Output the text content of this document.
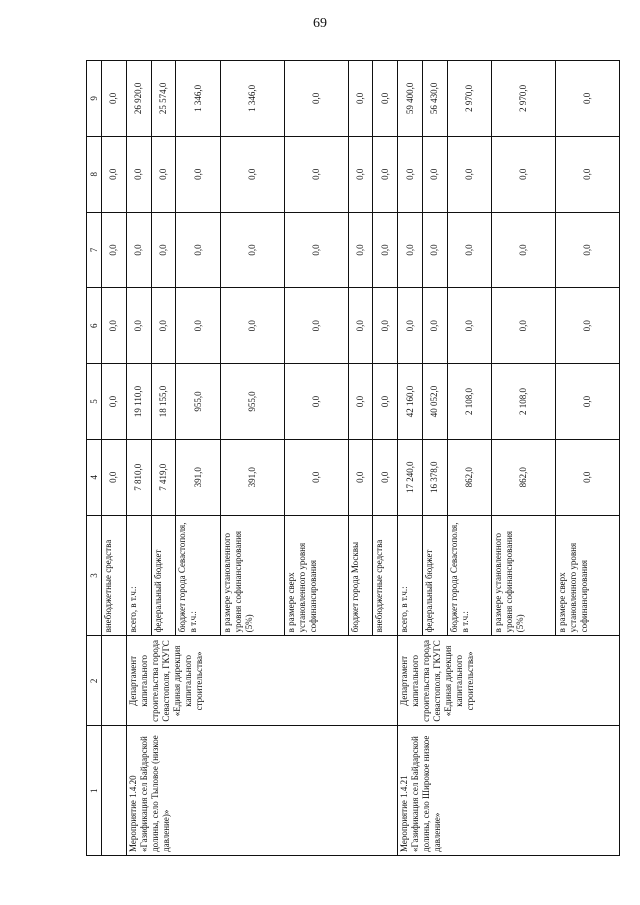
69
1	2	3	4	5	6	7	8	9
		внебюджетные средства	0,0	0,0	0,0	0,0	0,0	0,0
Мероприятие 1.4.20 «Газификация сел Байдарской долины, село Тыловое (низкое давление)»	Департамент капитального строительства города Севастополя, ГКУГС «Единая дирекция капитального строительства»	всего, в т.ч.:	7 810,0	19 110,0	0,0	0,0	0,0	26 920,0
		федеральный бюджет	7 419,0	18 155,0	0,0	0,0	0,0	25 574,0
		бюджет города Севастополя, в т.ч.:	391,0	955,0	0,0	0,0	0,0	1 346,0
		в размере установленного уровня софинансирования (5%)	391,0	955,0	0,0	0,0	0,0	1 346,0
		в размере сверх установленного уровня софинансирования	0,0	0,0	0,0	0,0	0,0	0,0
		бюджет города Москвы	0,0	0,0	0,0	0,0	0,0	0,0
		внебюджетные средства	0,0	0,0	0,0	0,0	0,0	0,0
Мероприятие 1.4.21 «Газификация сел Байдарской долины, село Широкое низкое давление»	Департамент капитального строительства города Севастополя, ГКУГС «Единая дирекция капитального строительства»	всего, в т.ч.:	17 240,0	42 160,0	0,0	0,0	0,0	59 400,0
		федеральный бюджет	16 378,0	40 052,0	0,0	0,0	0,0	56 430,0
		бюджет города Севастополя, в т.ч.:	862,0	2 108,0	0,0	0,0	0,0	2 970,0
		в размере установленного уровня софинансирования (5%)	862,0	2 108,0	0,0	0,0	0,0	2 970,0
		в размере сверх установленного уровня софинансирования	0,0	0,0	0,0	0,0	0,0	0,0
